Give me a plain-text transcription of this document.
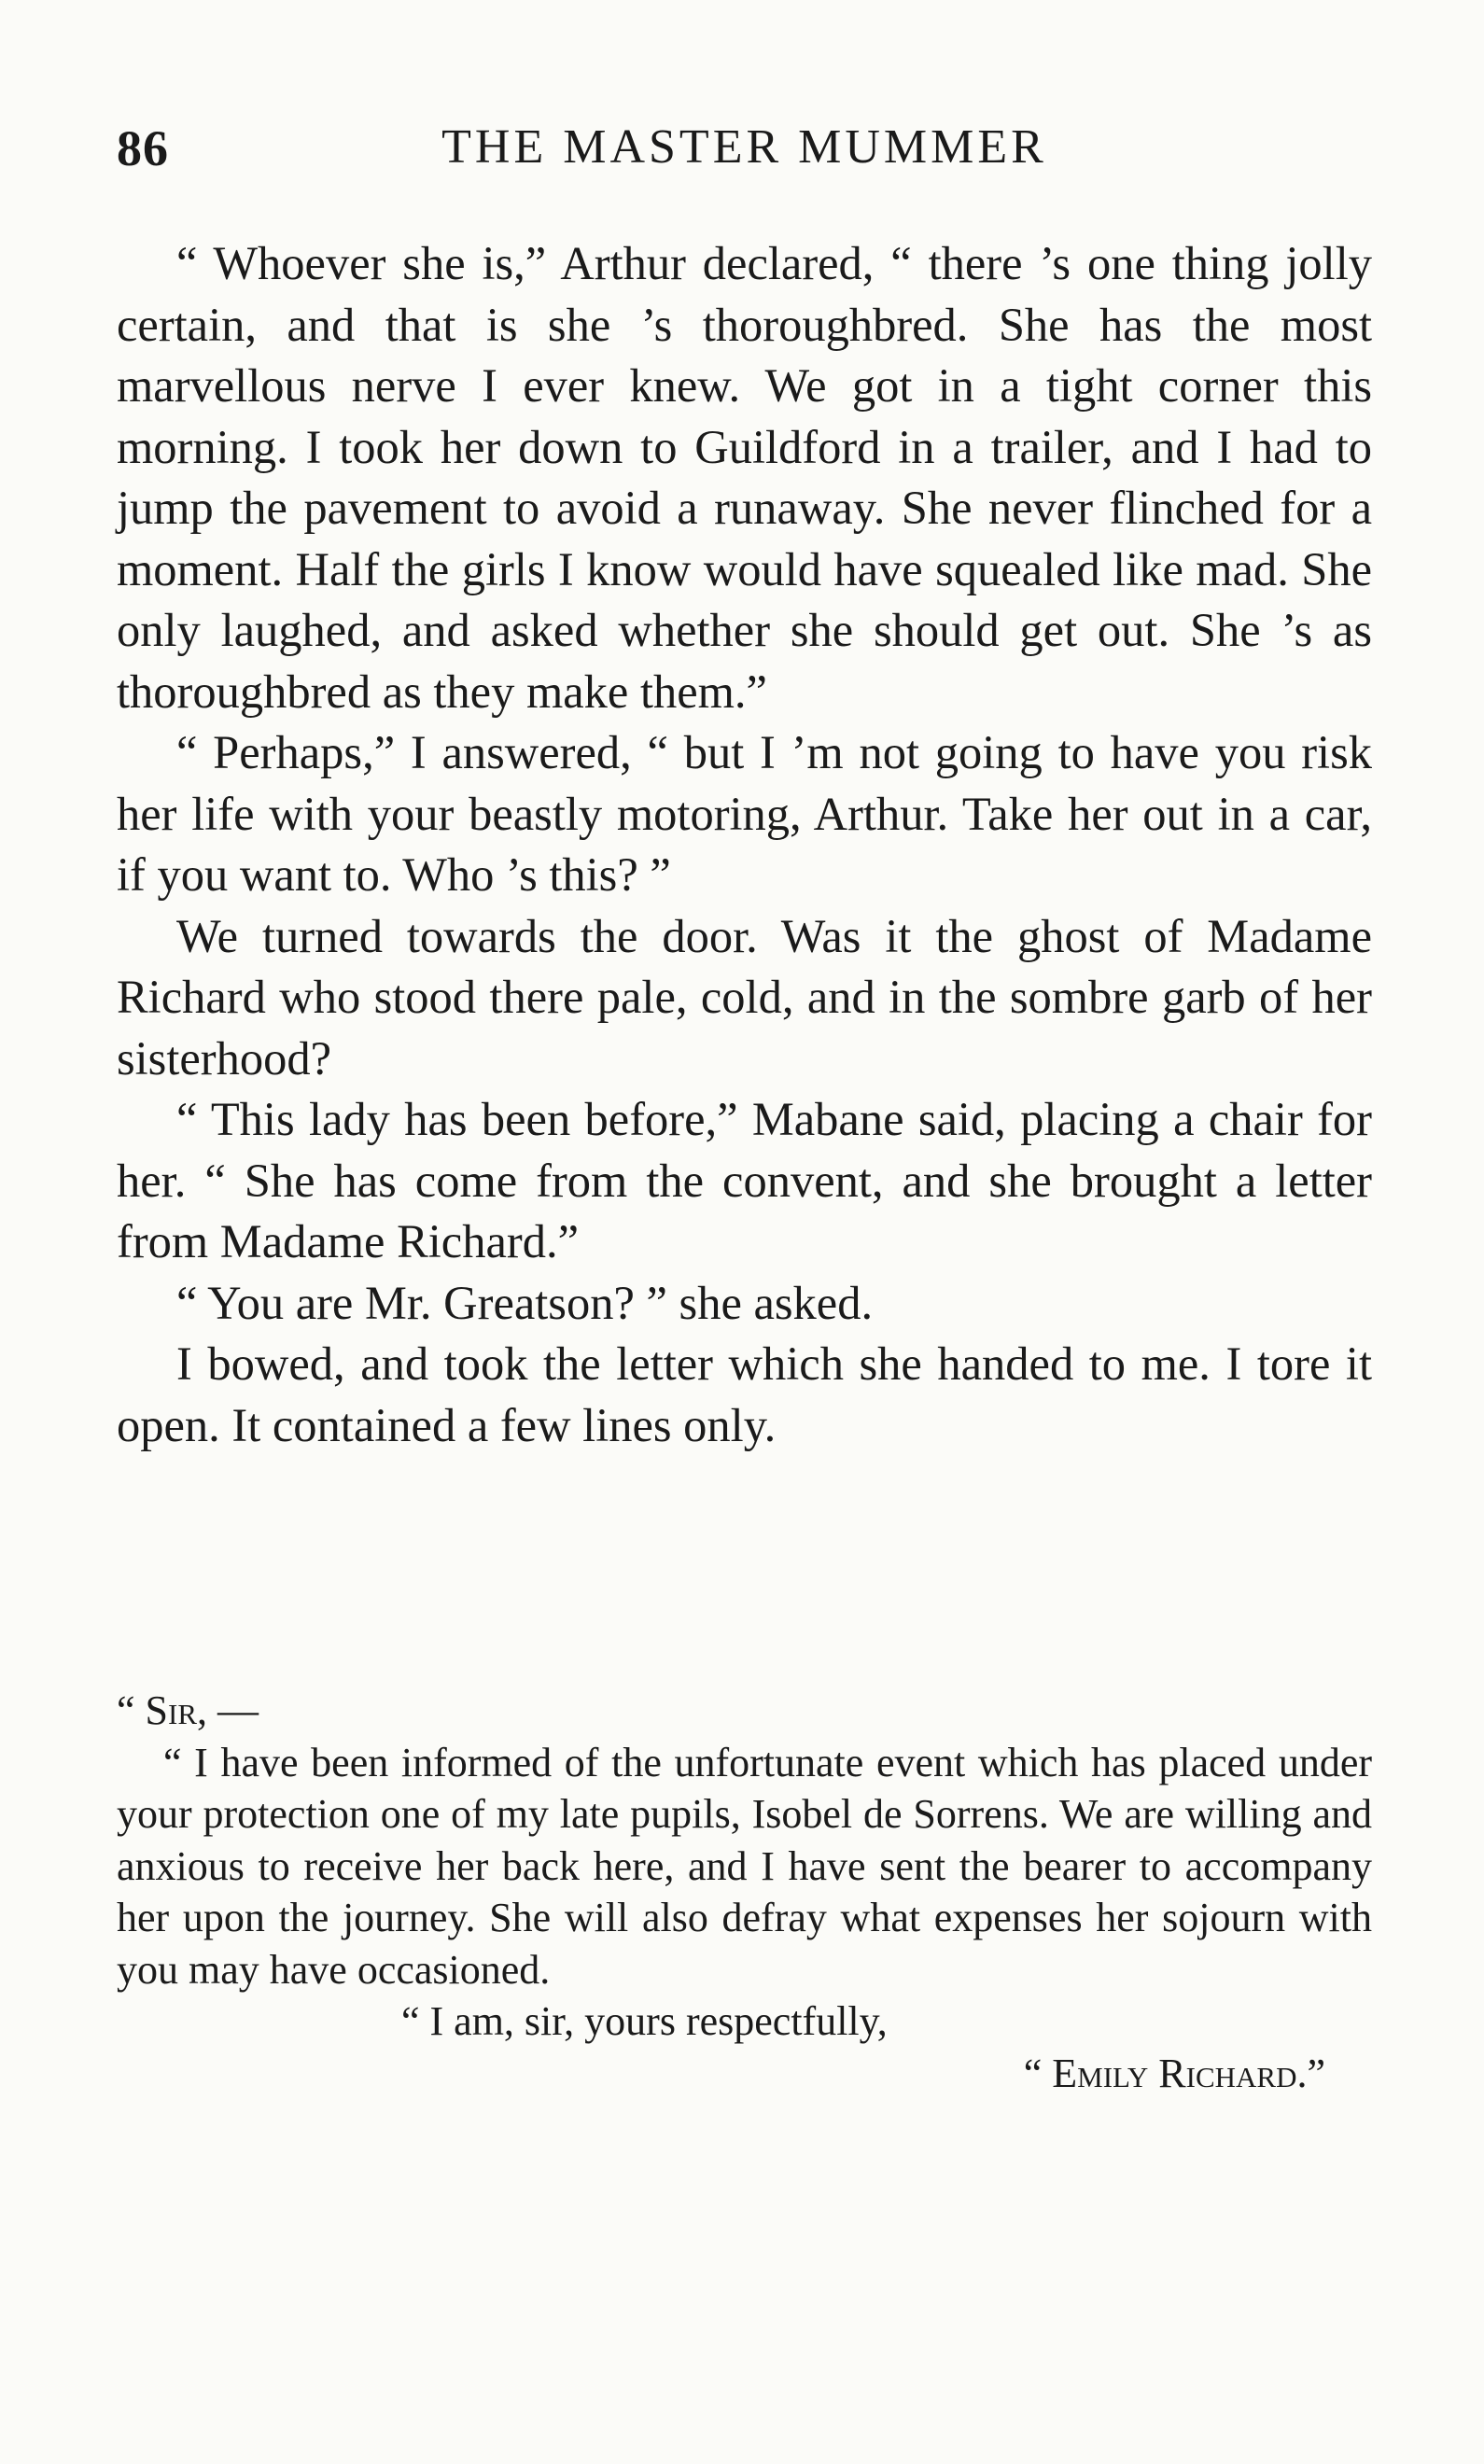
86	THE MASTER MUMMER

“ Whoever she is,” Arthur declared, “ there ’s one thing jolly certain, and that is she ’s thoroughbred. She has the most marvellous nerve I ever knew. We got in a tight corner this morning. I took her down to Guildford in a trailer, and I had to jump the pavement to avoid a runaway. She never flinched for a moment. Half the girls I know would have squealed like mad. She only laughed, and asked whether she should get out. She ’s as thoroughbred as they make them.”

“ Perhaps,” I answered, “ but I ’m not going to have you risk her life with your beastly motoring, Arthur. Take her out in a car, if you want to. Who ’s this? ”

We turned towards the door. Was it the ghost of Madame Richard who stood there pale, cold, and in the sombre garb of her sisterhood?

“ This lady has been before,” Mabane said, placing a chair for her. “ She has come from the convent, and she brought a letter from Madame Richard.”

“ You are Mr. Greatson? ” she asked.

I bowed, and took the letter which she handed to me. I tore it open. It contained a few lines only.

“ Sir, —

“ I have been informed of the unfortunate event which has placed under your protection one of my late pupils, Isobel de Sorrens. We are willing and anxious to receive her back here, and I have sent the bearer to accompany her upon the journey. She will also defray what expenses her sojourn with you may have occasioned.

“ I am, sir, yours respectfully,

“ Emily Richard.”
